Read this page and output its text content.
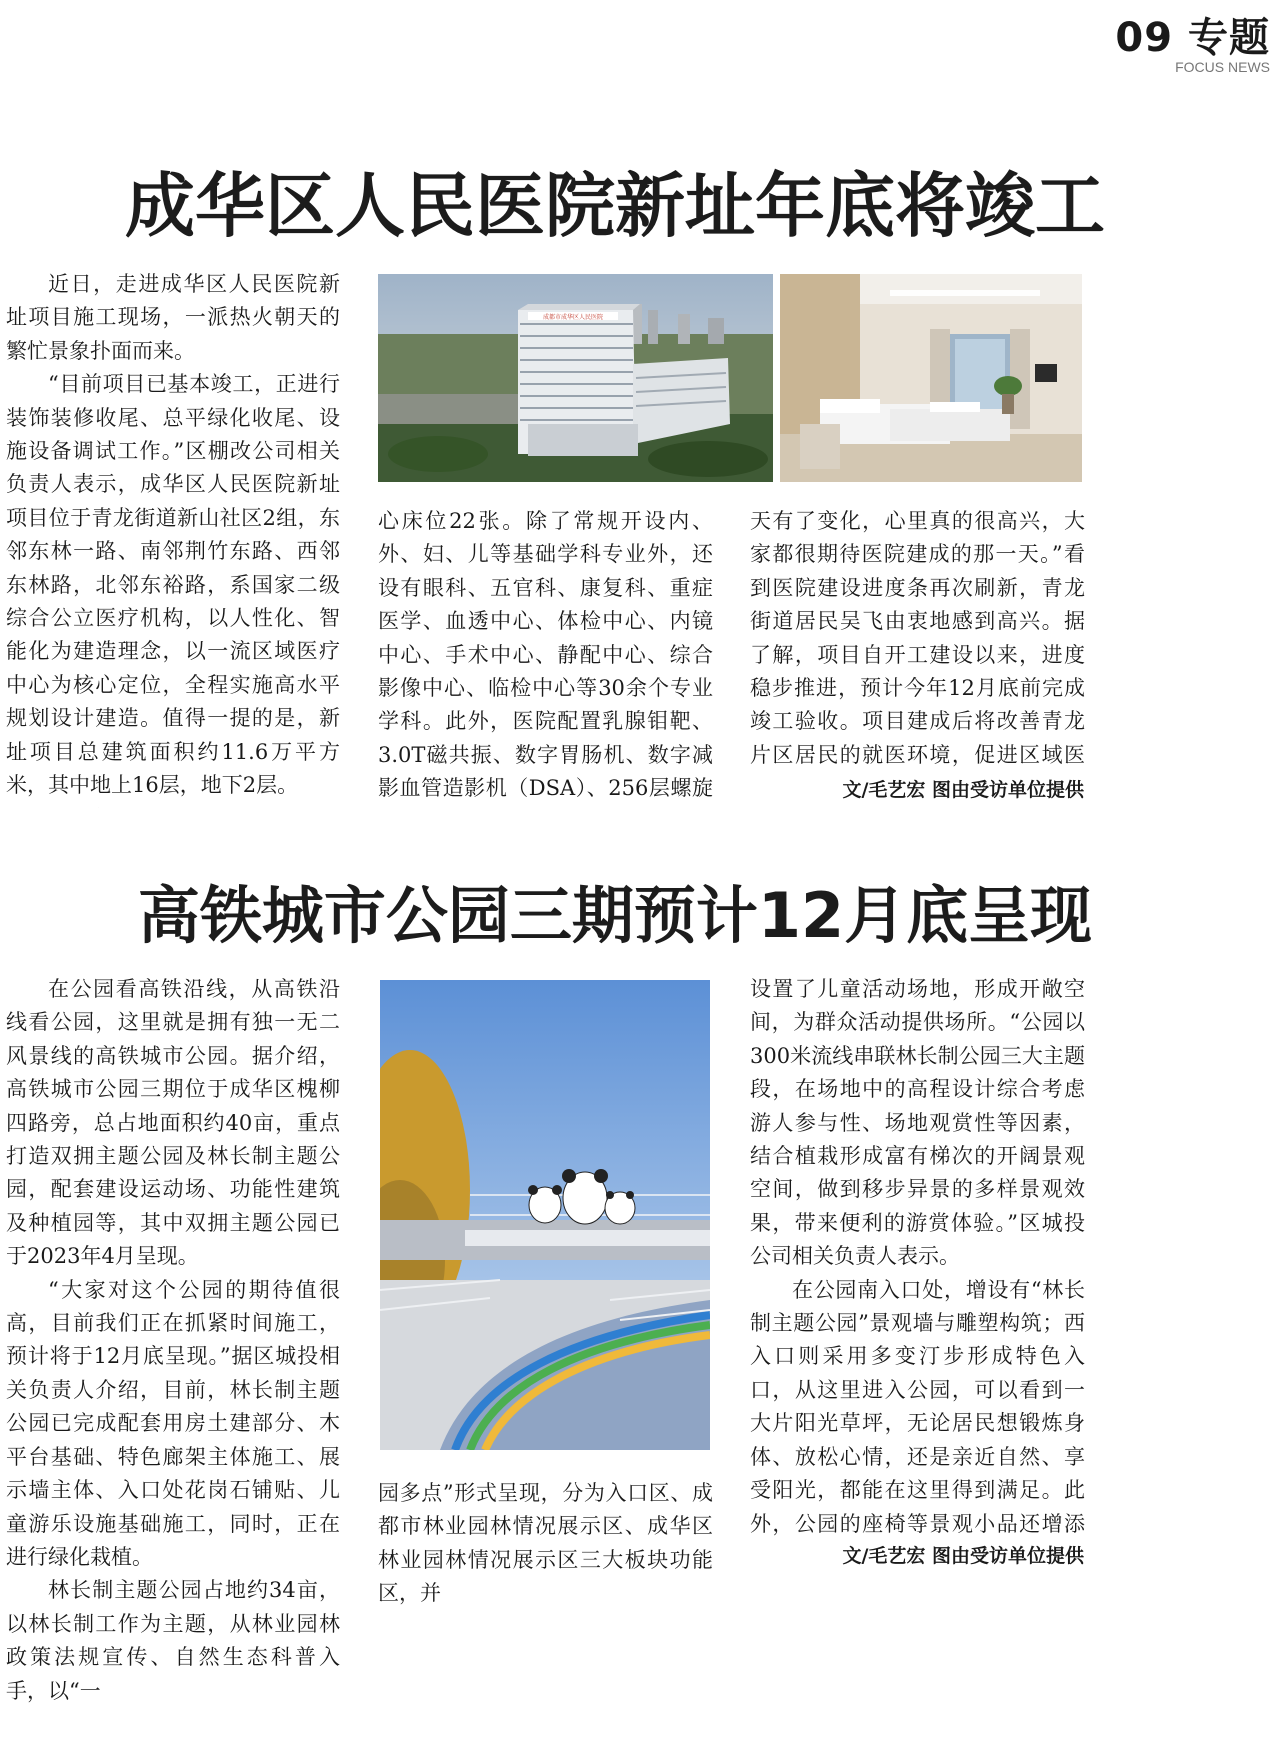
09 专题
FOCUS NEWS
成华区人民医院新址年底将竣工

近日，走进成华区人民医院新址项目施工现场，一派热火朝天的繁忙景象扑面而来。

“目前项目已基本竣工，正进行装饰装修收尾、总平绿化收尾、设施设备调试工作。”区棚改公司相关负责人表示，成华区人民医院新址项目位于青龙街道新山社区2组，东邻东林一路、南邻荆竹东路、西邻东林路，北邻东裕路，系国家二级综合公立医疗机构，以人性化、智能化为建造理念，以一流区域医疗中心为核心定位，全程实施高水平规划设计建造。值得一提的是，新址项目总建筑面积约11.6万平方米，其中地上16层，地下2层。

成都市成华区人民医院

心床位22张。除了常规开设内、外、妇、儿等基础学科专业外，还设有眼科、五官科、康复科、重症医学、血透中心、体检中心、内镜中心、手术中心、静配中心、综合影像中心、临检中心等30余个专业学科。此外，医院配置乳腺钼靶、3.0T磁共振、数字胃肠机、数字减影血管造影机（DSA）、256层螺旋

天有了变化，心里真的很高兴，大家都很期待医院建成的那一天。”看到医院建设进度条再次刷新，青龙街道居民吴飞由衷地感到高兴。据了解，项目自开工建设以来，进度稳步推进，预计今年12月底前完成竣工验收。项目建成后将改善青龙片区居民的就医环境，促进区域医

文/毛艺宏 图由受访单位提供
高铁城市公园三期预计12月底呈现

在公园看高铁沿线，从高铁沿线看公园，这里就是拥有独一无二风景线的高铁城市公园。据介绍，高铁城市公园三期位于成华区槐柳四路旁，总占地面积约40亩，重点打造双拥主题公园及林长制主题公园，配套建设运动场、功能性建筑及种植园等，其中双拥主题公园已于2023年4月呈现。

“大家对这个公园的期待值很高，目前我们正在抓紧时间施工，预计将于12月底呈现。”据区城投相关负责人介绍，目前，林长制主题公园已完成配套用房土建部分、木平台基础、特色廊架主体施工、展示墙主体、入口处花岗石铺贴、儿童游乐设施基础施工，同时，正在进行绿化栽植。

林长制主题公园占地约34亩，以林长制工作为主题，从林业园林政策法规宣传、自然生态科普入手，以“一

园多点”形式呈现，分为入口区、成都市林业园林情况展示区、成华区林业园林情况展示区三大板块功能区，并

设置了儿童活动场地，形成开敞空间，为群众活动提供场所。“公园以300米流线串联林长制公园三大主题段，在场地中的高程设计综合考虑游人参与性、场地观赏性等因素，结合植栽形成富有梯次的开阔景观空间，做到移步异景的多样景观效果，带来便利的游赏体验。”区城投公司相关负责人表示。

在公园南入口处，增设有“林长制主题公园”景观墙与雕塑构筑；西入口则采用多变汀步形成特色入口，从这里进入公园，可以看到一大片阳光草坪，无论居民想锻炼身体、放松心情，还是亲近自然、享受阳光，都能在这里得到满足。此外，公园的座椅等景观小品还增添

文/毛艺宏 图由受访单位提供
